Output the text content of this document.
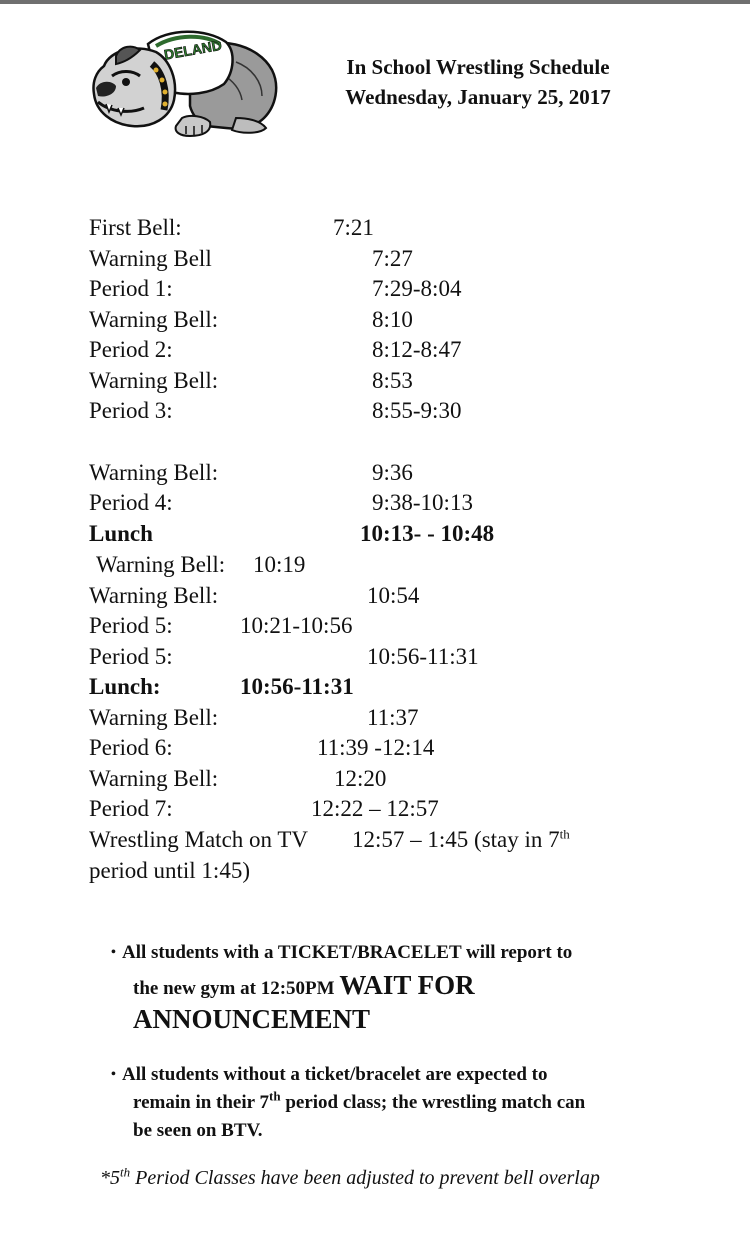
DELAND
In School Wrestling Schedule
Wednesday, January 25, 2017
First Bell:	7:21
Warning Bell	7:27
Period 1:	7:29-8:04
Warning Bell:	8:10
Period 2:	8:12-8:47
Warning Bell:	8:53
Period 3:	8:55-9:30
Warning Bell:	9:36
Period 4:	9:38-10:13
Lunch	10:13- - 10:48
Warning Bell: 10:19
Warning Bell:	10:54
Period 5:	10:21-10:56
Period 5:	10:56-11:31
Lunch:	10:56-11:31
Warning Bell:	11:37
Period 6:	11:39 -12:14
Warning Bell:	12:20
Period 7:	12:22 – 12:57
Wrestling Match on TV 12:57 – 1:45 (stay in 7th
period until 1:45)
• All students with a TICKET/BRACELET will report to
the new gym at 12:50PM WAIT FOR
ANNOUNCEMENT
• All students without a ticket/bracelet are expected to
remain in their 7th period class; the wrestling match can
be seen on BTV.
*5th Period Classes have been adjusted to prevent bell overlap
